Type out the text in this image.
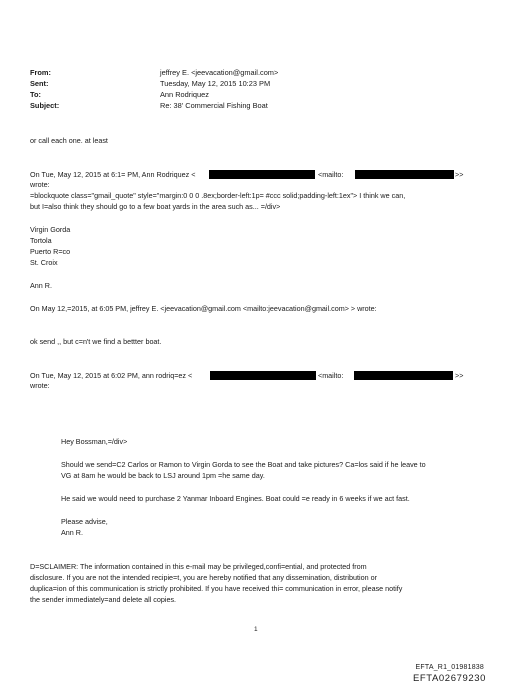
From:	jeffrey E. <jeevacation@gmail.com>
Sent:	Tuesday, May 12, 2015 10:23 PM
To:	Ann Rodriquez
Subject:	Re: 38' Commercial Fishing Boat
or call each one. at least
On Tue, May 12, 2015 at 6:1= PM, Ann Rodriquez <	<mailto:	>>
wrote:
=blockquote class="gmail_quote" style="margin:0 0 0 .8ex;border-left:1p= #ccc solid;padding-left:1ex"> I think we can,
but I=also think they should go to a few boat yards in the area such as... =/div>
Virgin Gorda
Tortola
Puerto R=co
St. Croix
Ann R.
On May 12,=2015, at 6:05 PM, jeffrey E. <jeevacation@gmail.com <mailto:jeevacation@gmail.com> > wrote:
ok send ,, but c=n't we find a bettter boat.
On Tue, May 12, 2015 at 6:02 PM, ann rodriq=ez <	<mailto:	>>
wrote:
Hey Bossman,=/div>
Should we send=C2 Carlos or Ramon to Virgin Gorda to see the Boat and take pictures? Ca=los said if he leave to
VG at 8am he would be back to LSJ around 1pm =he same day.
He said we would need to purchase 2 Yanmar Inboard Engines. Boat could =e ready in 6 weeks if we act fast.
Please advise,
Ann R.
D=SCLAIMER: The information contained in this e-mail may be privileged,confi=ential, and protected from
disclosure. If you are not the intended recipie=t, you are hereby notified that any dissemination, distribution or
duplica=ion of this communication is strictly prohibited. If you have received thi= communication in error, please notify
the sender immediately=and delete all copies.
1
EFTA_R1_01981838
EFTA02679230
